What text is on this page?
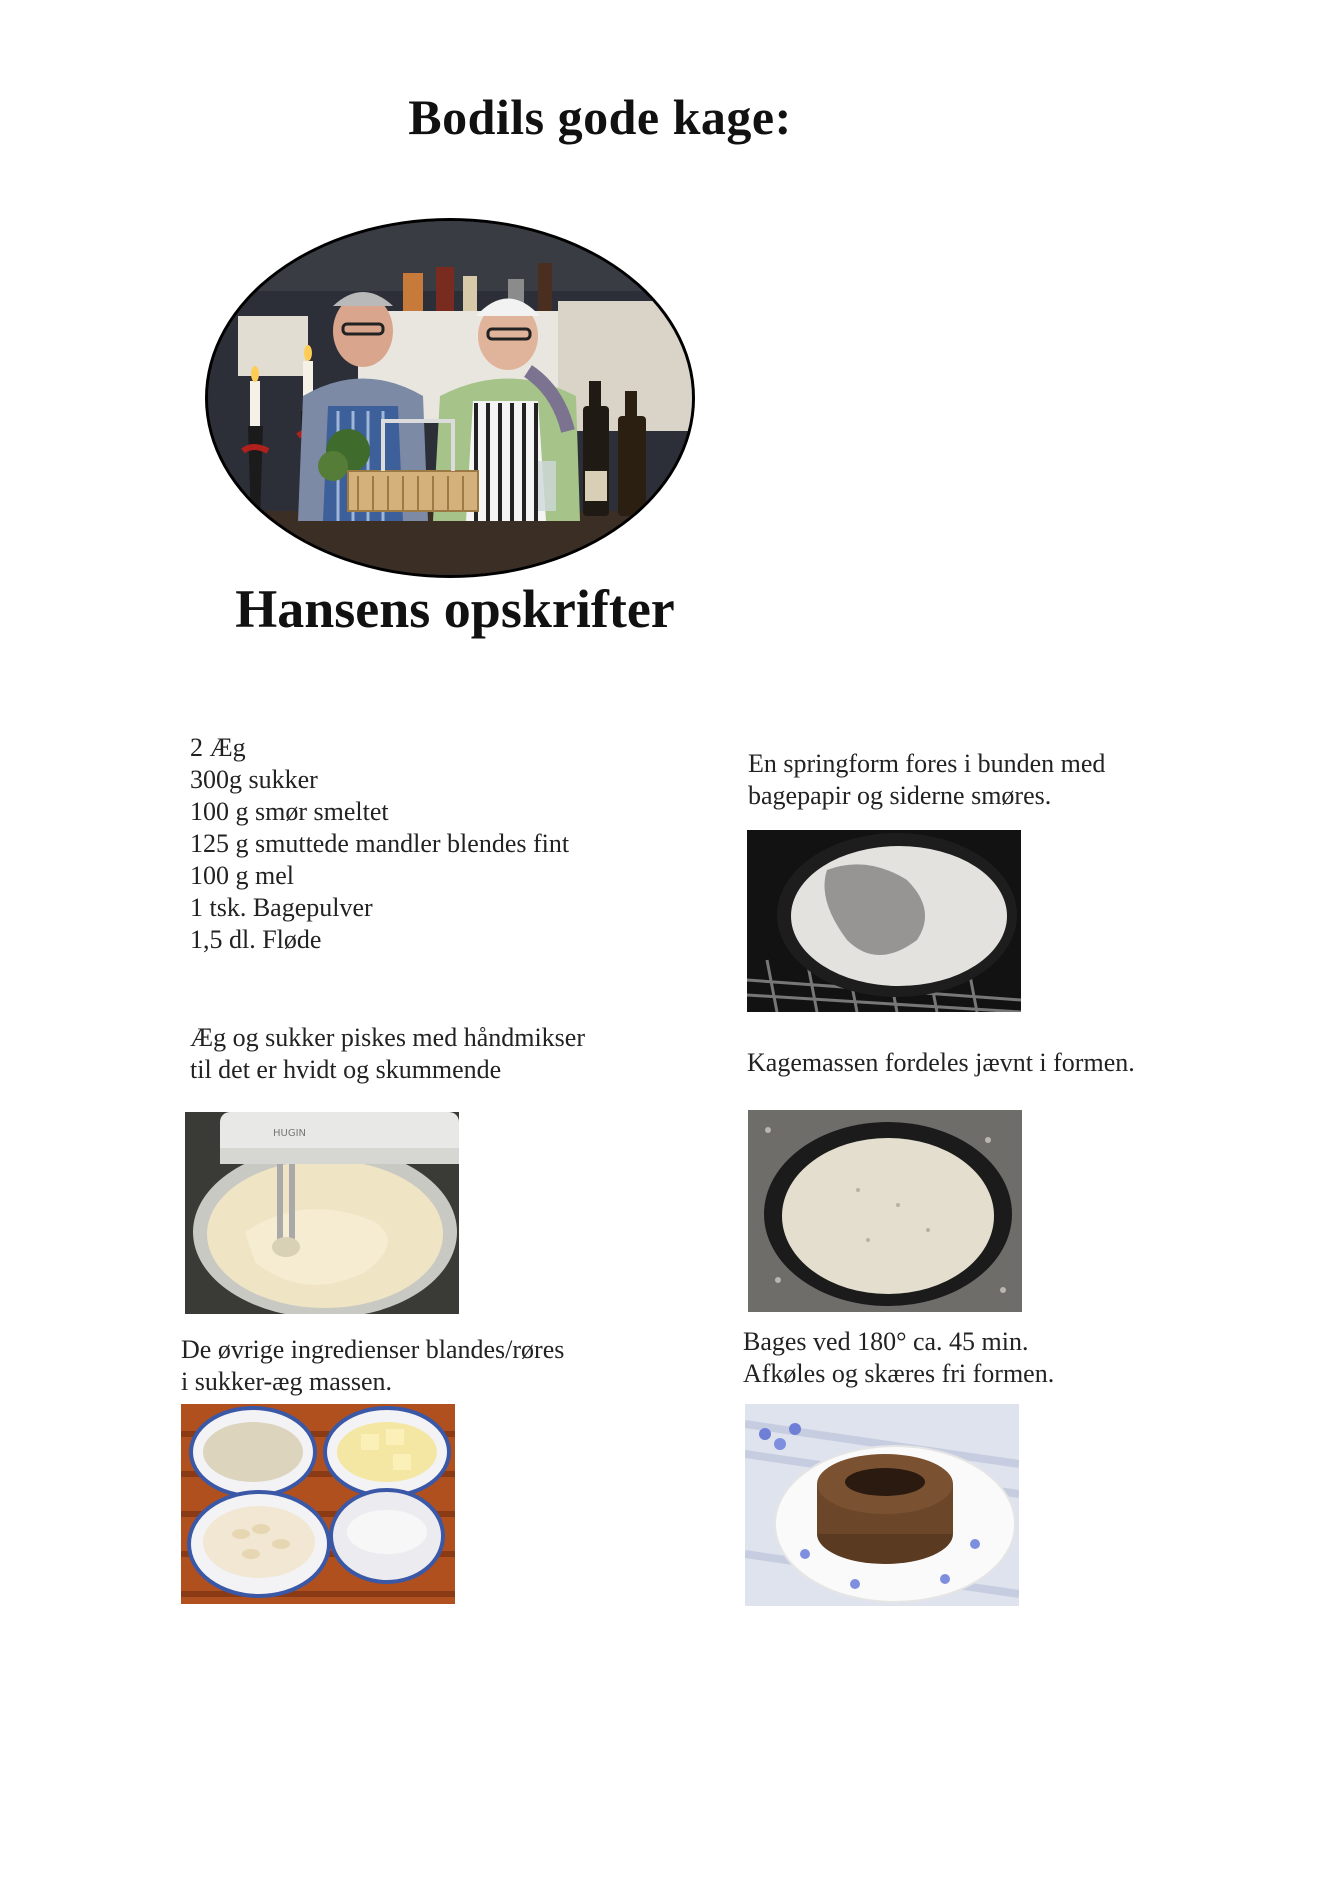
Bodils gode kage:
Hansens opskrifter
2 Æg
300g sukker
100 g smør smeltet
125 g smuttede mandler blendes fint
100 g mel
1 tsk. Bagepulver
1,5 dl. Fløde
Æg og sukker piskes med håndmikser
til det er hvidt og skummende
HUGIN
De øvrige ingredienser blandes/røres
i sukker-æg massen.
En springform fores i bunden med
bagepapir og siderne smøres.
Kagemassen fordeles jævnt i formen.
Bages ved 180° ca. 45 min.
Afkøles og skæres fri formen.
